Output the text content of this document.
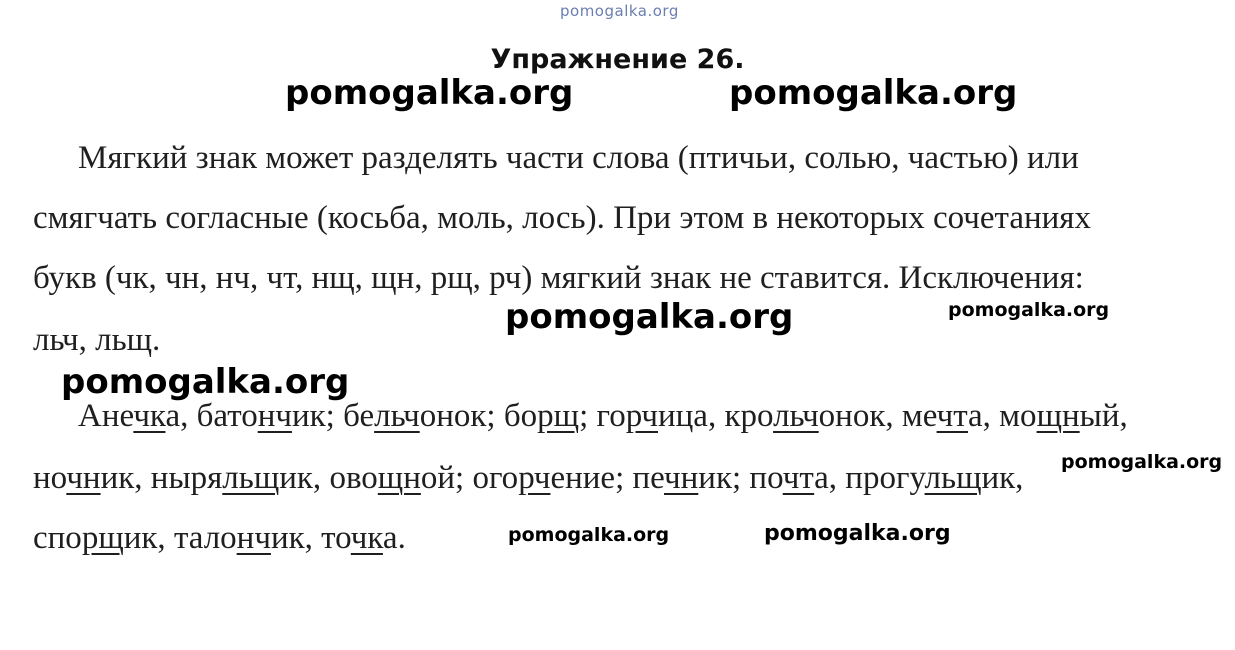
pomogalka.org
Упражнение 26.
pomogalka.org	pomogalka.org
Мягкий знак может разделять части слова (птичьи, солью, частью) или
смягчать согласные (косьба, моль, лось). При этом в некоторых сочетаниях
букв (чк, чн, нч, чт, нщ, щн, рщ, рч) мягкий знак не ставится. Исключения:
льч, льщ.
pomogalka.org	pomogalka.org
pomogalka.org
Анечка, батончик; бельчонок; борщ; горчица, крольчонок, мечта, мощный,
ночник, ныряльщик, овощной; огорчение; печник; почта, прогульщик,
спорщик, талончик, точка.
pomogalka.org
pomogalka.org	pomogalka.org
